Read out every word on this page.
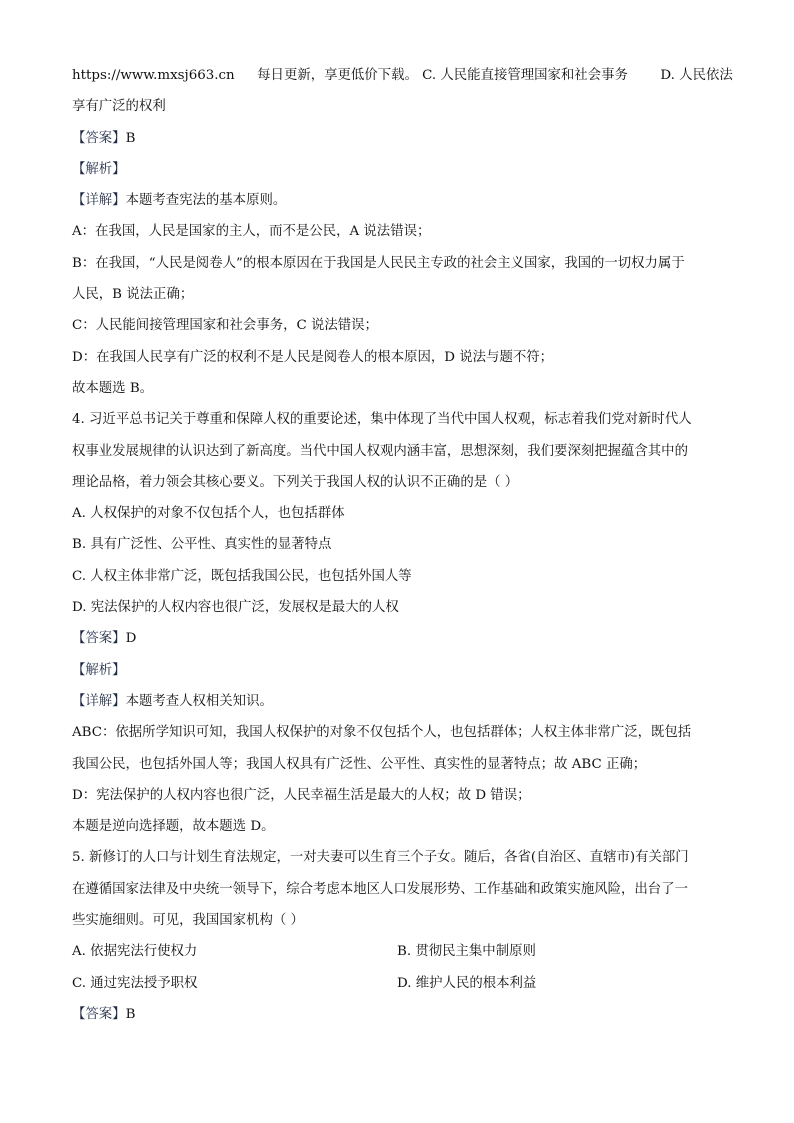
https://www.mxsj663.cn 每日更新，享更低价下载。 C. 人民能直接管理国家和社会事务 D. 人民依法
享有广泛的权利
【答案】B
【解析】
【详解】本题考查宪法的基本原则。
A：在我国，人民是国家的主人，而不是公民，A 说法错误；
B：在我国，“人民是阅卷人”的根本原因在于我国是人民民主专政的社会主义国家，我国的一切权力属于
人民，B 说法正确；
C：人民能间接管理国家和社会事务，C 说法错误；
D：在我国人民享有广泛的权利不是人民是阅卷人的根本原因，D 说法与题不符；
故本题选 B。
4. 习近平总书记关于尊重和保障人权的重要论述，集中体现了当代中国人权观，标志着我们党对新时代人
权事业发展规律的认识达到了新高度。当代中国人权观内涵丰富，思想深刻，我们要深刻把握蕴含其中的
理论品格，着力领会其核心要义。下列关于我国人权的认识不正确的是（ ）
A. 人权保护的对象不仅包括个人，也包括群体
B. 具有广泛性、公平性、真实性的显著特点
C. 人权主体非常广泛，既包括我国公民，也包括外国人等
D. 宪法保护的人权内容也很广泛，发展权是最大的人权
【答案】D
【解析】
【详解】本题考查人权相关知识。
ABC：依据所学知识可知，我国人权保护的对象不仅包括个人，也包括群体；人权主体非常广泛，既包括
我国公民，也包括外国人等；我国人权具有广泛性、公平性、真实性的显著特点；故 ABC 正确；
D：宪法保护的人权内容也很广泛，人民幸福生活是最大的人权；故 D 错误；
本题是逆向选择题，故本题选 D。
5. 新修订的人口与计划生育法规定，一对夫妻可以生育三个子女。随后，各省(自治区、直辖市)有关部门
在遵循国家法律及中央统一领导下，综合考虑本地区人口发展形势、工作基础和政策实施风险，出台了一
些实施细则。可见，我国国家机构（ ）
A. 依据宪法行使权力	B. 贯彻民主集中制原则
C. 通过宪法授予职权	D. 维护人民的根本利益
【答案】B
